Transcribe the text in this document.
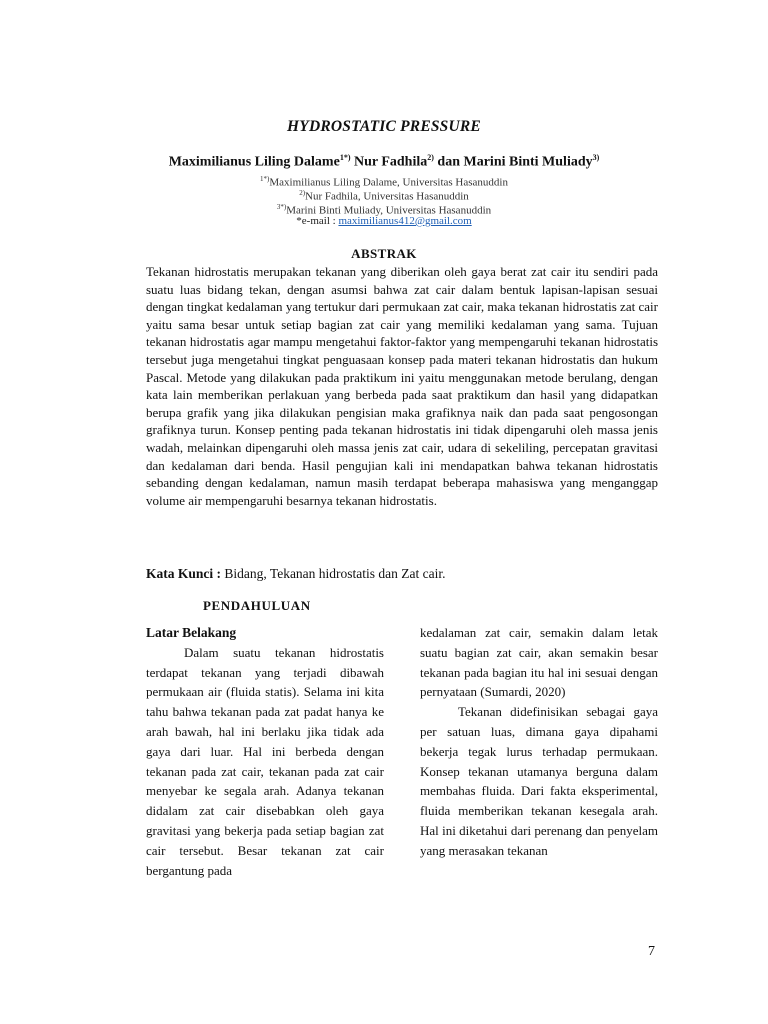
HYDROSTATIC PRESSURE
Maximilianus Liling Dalame$^{1*)}$ Nur Fadhila$^{2)}$ dan Marini Binti Muliady$^{3)}$
$^{1*)}$Maximilianus Liling Dalame, Universitas Hasanuddin
$^{2)}$Nur Fadhila, Universitas Hasanuddin
$^{3*)}$Marini Binti Muliady, Universitas Hasanuddin
*e-mail : maximilianus412@gmail.com
ABSTRAK

Tekanan hidrostatis merupakan tekanan yang diberikan oleh gaya berat zat cair itu sendiri pada suatu luas bidang tekan, dengan asumsi bahwa zat cair dalam bentuk lapisan-lapisan sesuai dengan tingkat kedalaman yang tertukur dari permukaan zat cair, maka tekanan hidrostatis zat cair yaitu sama besar untuk setiap bagian zat cair yang memiliki kedalaman yang sama. Tujuan tekanan hidrostatis agar mampu mengetahui faktor-faktor yang mempengaruhi tekanan hidrostatis tersebut juga mengetahui tingkat penguasaan konsep pada materi tekanan hidrostatis dan hukum Pascal. Metode yang dilakukan pada praktikum ini yaitu menggunakan metode berulang, dengan kata lain memberikan perlakuan yang berbeda pada saat praktikum dan hasil yang didapatkan berupa grafik yang jika dilakukan pengisian maka grafiknya naik dan pada saat pengosongan grafiknya turun. Konsep penting pada tekanan hidrostatis ini tidak dipengaruhi oleh massa jenis wadah, melainkan dipengaruhi oleh massa jenis zat cair, udara di sekeliling, percepatan gravitasi dan kedalaman dari benda. Hasil pengujian kali ini mendapatkan bahwa tekanan hidrostatis sebanding dengan kedalaman, namun masih terdapat beberapa mahasiswa yang menganggap volume air mempengaruhi besarnya tekanan hidrostatis.

Kata Kunci : Bidang, Tekanan hidrostatis dan Zat cair.

PENDAHULUAN
Latar Belakang

Dalam suatu tekanan hidrostatis terdapat tekanan yang terjadi dibawah permukaan air (fluida statis). Selama ini kita tahu bahwa tekanan pada zat padat hanya ke arah bawah, hal ini berlaku jika tidak ada gaya dari luar. Hal ini berbeda dengan tekanan pada zat cair, tekanan pada zat cair menyebar ke segala arah. Adanya tekanan didalam zat cair disebabkan oleh gaya gravitasi yang bekerja pada setiap bagian zat cair tersebut. Besar tekanan zat cair bergantung pada

kedalaman zat cair, semakin dalam letak suatu bagian zat cair, akan semakin besar tekanan pada bagian itu hal ini sesuai dengan pernyataan (Sumardi, 2020)

Tekanan didefinisikan sebagai gaya per satuan luas, dimana gaya dipahami bekerja tegak lurus terhadap permukaan. Konsep tekanan utamanya berguna dalam membahas fluida. Dari fakta eksperimental, fluida memberikan tekanan kesegala arah. Hal ini diketahui dari perenang dan penyelam yang merasakan tekanan

7
